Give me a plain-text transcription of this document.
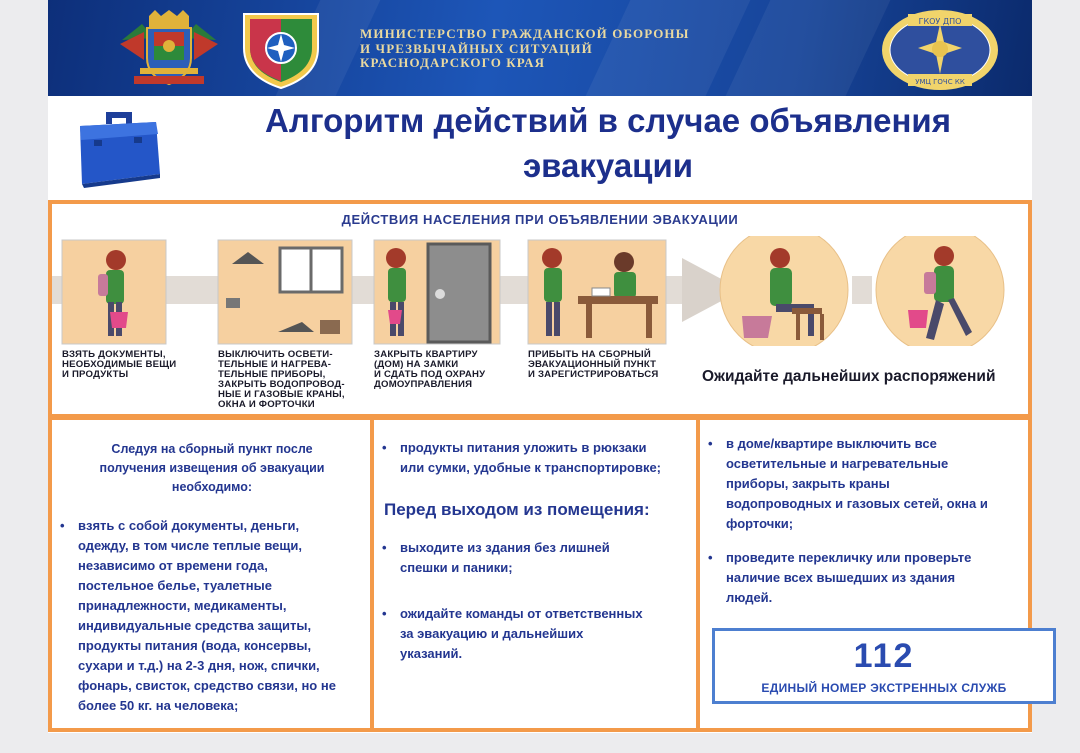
МИНИСТЕРСТВО ГРАЖДАНСКОЙ ОБОРОНЫ
И ЧРЕЗВЫЧАЙНЫХ СИТУАЦИЙ
КРАСНОДАРСКОГО КРАЯ
ГКОУ ДПО
УМЦ ГОЧС КК
Алгоритм действий в случае объявления
эвакуации
ДЕЙСТВИЯ НАСЕЛЕНИЯ ПРИ ОБЪЯВЛЕНИИ ЭВАКУАЦИИ
ВЗЯТЬ ДОКУМЕНТЫ,
НЕОБХОДИМЫЕ ВЕЩИ
И ПРОДУКТЫ
ВЫКЛЮЧИТЬ ОСВЕТИ-
ТЕЛЬНЫЕ И НАГРЕВА-
ТЕЛЬНЫЕ ПРИБОРЫ,
ЗАКРЫТЬ ВОДОПРОВОД-
НЫЕ И ГАЗОВЫЕ КРАНЫ,
ОКНА И ФОРТОЧКИ
ЗАКРЫТЬ КВАРТИРУ
(ДОМ) НА ЗАМКИ
И СДАТЬ ПОД ОХРАНУ
ДОМОУПРАВЛЕНИЯ
ПРИБЫТЬ НА СБОРНЫЙ
ЭВАКУАЦИОННЫЙ ПУНКТ
И ЗАРЕГИСТРИРОВАТЬСЯ	Ожидайте дальнейших распоряжений
Следуя на сборный пункт после
получения извещения об эвакуации
необходимо:
• взять с собой документы, деньги,
одежду, в том числе теплые вещи,
независимо от времени года,
постельное белье, туалетные
принадлежности, медикаменты,
индивидуальные средства защиты,
продукты питания (вода, консервы,
сухари и т.д.) на 2-3 дня, нож, спички,
фонарь, свисток, средство связи, но не
более 50 кг. на человека;
• продукты питания уложить в рюкзаки
или сумки, удобные к транспортировке;
Перед выходом из помещения:
• выходите из здания без лишней
спешки и паники;
• ожидайте команды от ответственных
за эвакуацию и дальнейших
указаний.
• в доме/квартире выключить все
осветительные и нагревательные
приборы, закрыть краны
водопроводных и газовых сетей, окна и
форточки;
• проведите перекличку или проверьте
наличие всех вышедших из здания
людей.
112
ЕДИНЫЙ НОМЕР ЭКСТРЕННЫХ СЛУЖБ
